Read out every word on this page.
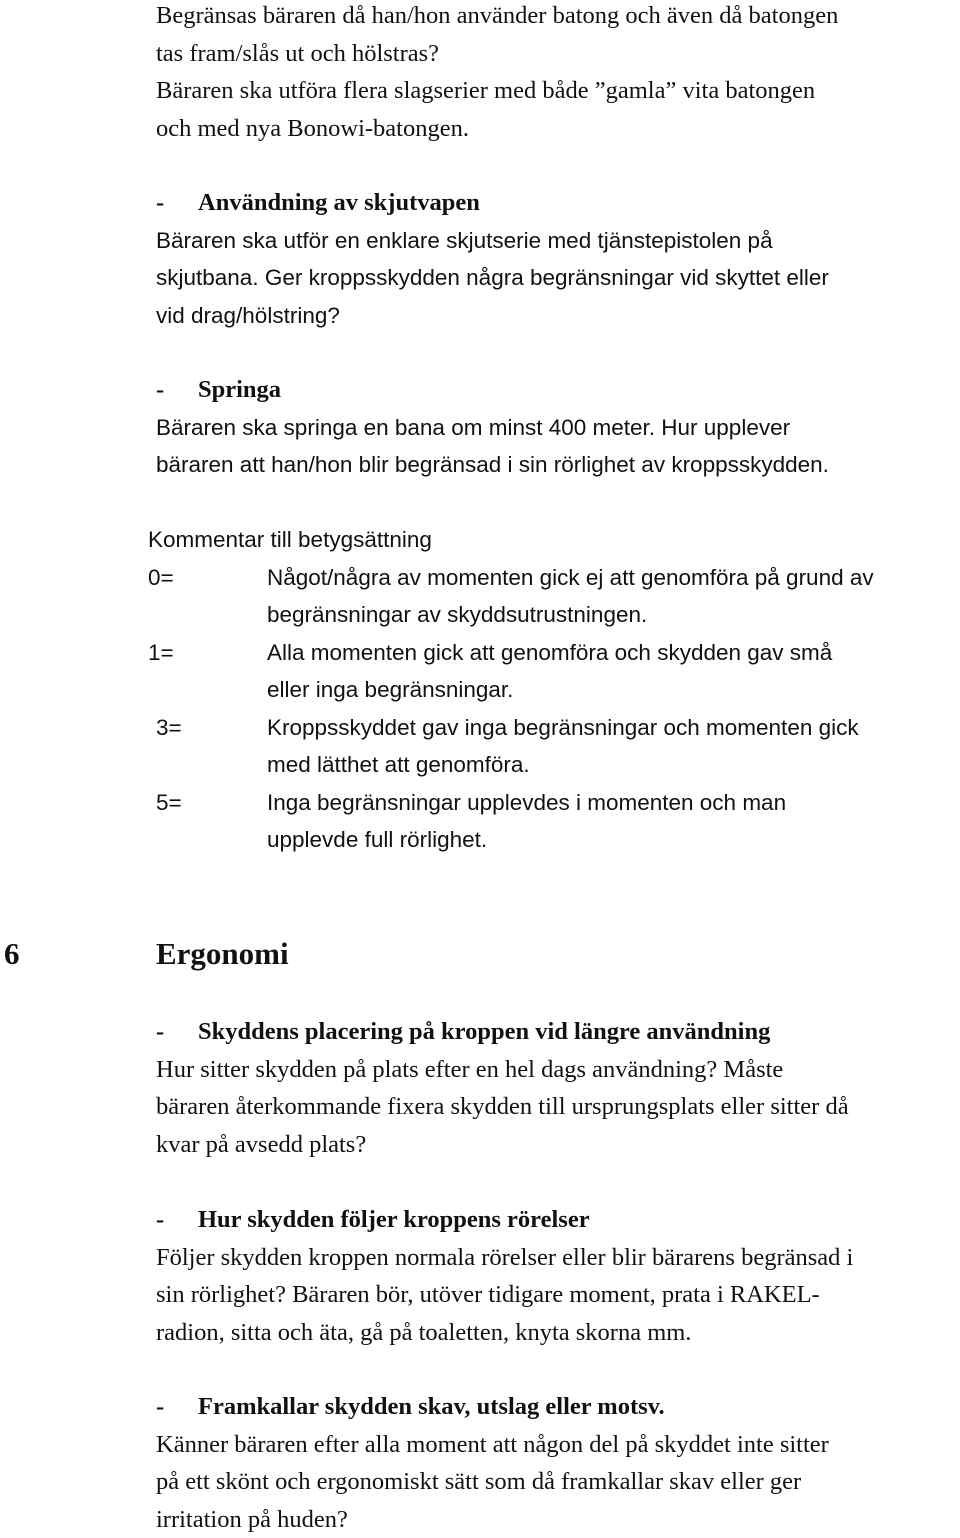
Begränsas bäraren då han/hon använder batong och även då batongen
tas fram/slås ut och hölstras?
Bäraren ska utföra flera slagserier med både ”gamla” vita batongen
och med nya Bonowi-batongen.
- Användning av skjutvapen
Bäraren ska utför en enklare skjutserie med tjänstepistolen på
skjutbana. Ger kroppsskydden några begränsningar vid skyttet eller
vid drag/hölstring?
- Springa
Bäraren ska springa en bana om minst 400 meter. Hur upplever
bäraren att han/hon blir begränsad i sin rörlighet av kroppsskydden.
Kommentar till betygsättning
0=	Något/några av momenten gick ej att genomföra på grund av
begränsningar av skyddsutrustningen.
1=	Alla momenten gick att genomföra och skydden gav små
eller inga begränsningar.
3=	Kroppsskyddet gav inga begränsningar och momenten gick
med lätthet att genomföra.
5=	Inga begränsningar upplevdes i momenten och man
upplevde full rörlighet.
6	Ergonomi
- Skyddens placering på kroppen vid längre användning
Hur sitter skydden på plats efter en hel dags användning? Måste
bäraren återkommande fixera skydden till ursprungsplats eller sitter då
kvar på avsedd plats?
- Hur skydden följer kroppens rörelser
Följer skydden kroppen normala rörelser eller blir bärarens begränsad i
sin rörlighet? Bäraren bör, utöver tidigare moment, prata i RAKEL-
radion, sitta och äta, gå på toaletten, knyta skorna mm.
- Framkallar skydden skav, utslag eller motsv.
Känner bäraren efter alla moment att någon del på skyddet inte sitter
på ett skönt och ergonomiskt sätt som då framkallar skav eller ger
irritation på huden?
